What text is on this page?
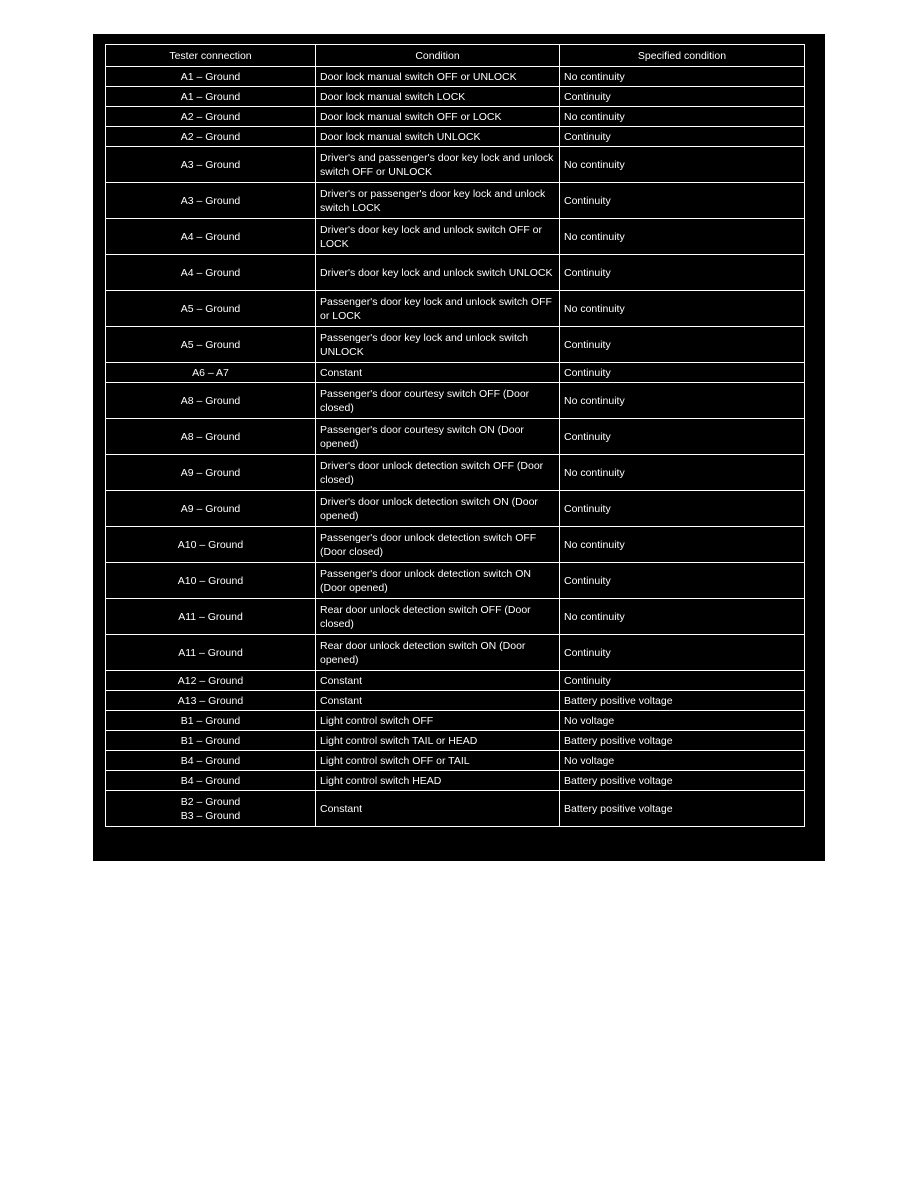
Tester connection	Condition	Specified condition

A1 – Ground	Door lock manual switch OFF or UNLOCK	No continuity

A1 – Ground	Door lock manual switch LOCK	Continuity

A2 – Ground	Door lock manual switch OFF or LOCK	No continuity

A2 – Ground	Door lock manual switch UNLOCK	Continuity

A3 – Ground	Driver's and passenger's door key lock and unlock switch OFF or UNLOCK	No continuity

A3 – Ground	Driver's or passenger's door key lock and unlock switch LOCK	Continuity

A4 – Ground	Driver's door key lock and unlock switch OFF or LOCK	No continuity

A4 – Ground	Driver's door key lock and unlock switch UNLOCK	Continuity

A5 – Ground	Passenger's door key lock and unlock switch OFF or LOCK	No continuity

A5 – Ground	Passenger's door key lock and unlock switch UNLOCK	Continuity

A6 – A7	Constant	Continuity

A8 – Ground	Passenger's door courtesy switch OFF (Door closed)	No continuity

A8 – Ground	Passenger's door courtesy switch ON (Door opened)	Continuity

A9 – Ground	Driver's door unlock detection switch OFF (Door closed)	No continuity

A9 – Ground	Driver's door unlock detection switch ON (Door opened)	Continuity

A10 – Ground	Passenger's door unlock detection switch OFF (Door closed)	No continuity

A10 – Ground	Passenger's door unlock detection switch ON (Door opened)	Continuity

A11 – Ground	Rear door unlock detection switch OFF (Door closed)	No continuity

A11 – Ground	Rear door unlock detection switch ON (Door opened)	Continuity

A12 – Ground	Constant	Continuity

A13 – Ground	Constant	Battery positive voltage

B1 – Ground	Light control switch OFF	No voltage

B1 – Ground	Light control switch TAIL or HEAD	Battery positive voltage

B4 – Ground	Light control switch OFF or TAIL	No voltage

B4 – Ground	Light control switch HEAD	Battery positive voltage

B2 – Ground
B3 – Ground	Constant	Battery positive voltage
